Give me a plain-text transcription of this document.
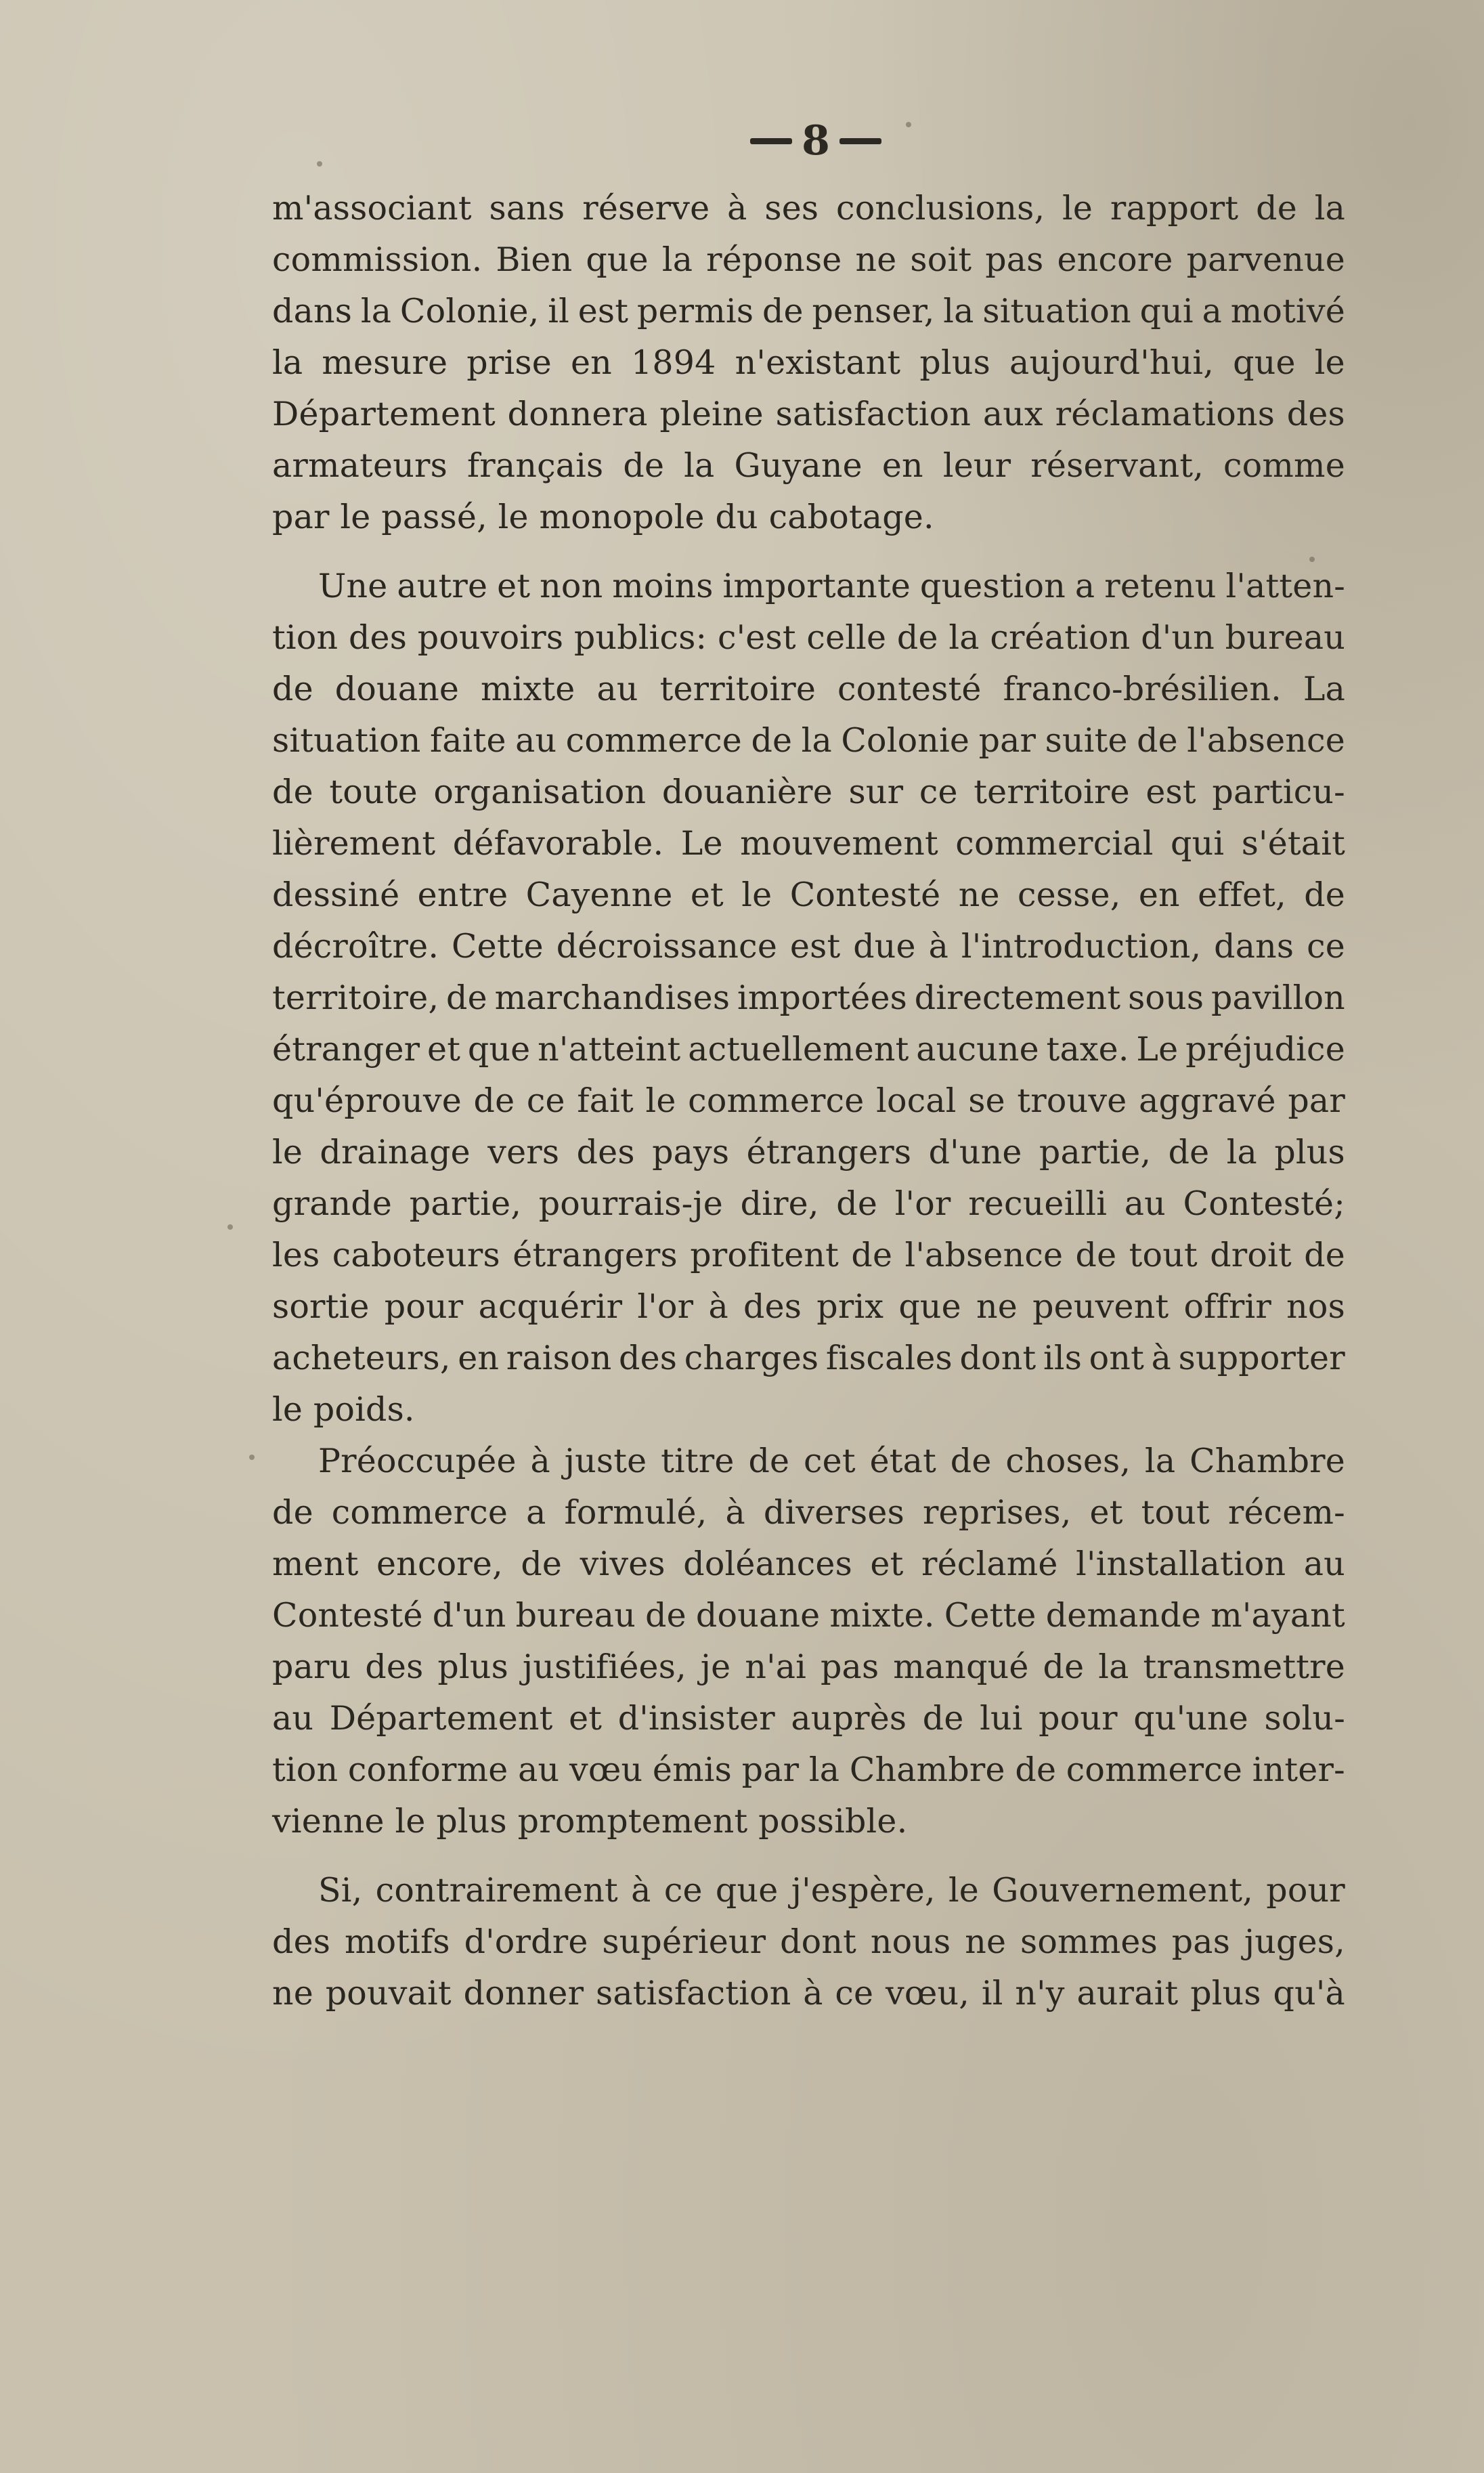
8
m'associant sans réserve à ses conclusions, le rapport de la
commission. Bien que la réponse ne soit pas encore parvenue
dans la Colonie, il est permis de penser, la situation qui a motivé
la mesure prise en 1894 n'existant plus aujourd'hui, que le
Département donnera pleine satisfaction aux réclamations des
armateurs français de la Guyane en leur réservant, comme
par le passé, le monopole du cabotage.
Une autre et non moins importante question a retenu l'atten-
tion des pouvoirs publics: c'est celle de la création d'un bureau
de douane mixte au territoire contesté franco-brésilien. La
situation faite au commerce de la Colonie par suite de l'absence
de toute organisation douanière sur ce territoire est particu-
lièrement défavorable. Le mouvement commercial qui s'était
dessiné entre Cayenne et le Contesté ne cesse, en effet, de
décroître. Cette décroissance est due à l'introduction, dans ce
territoire, de marchandises importées directement sous pavillon
étranger et que n'atteint actuellement aucune taxe. Le préjudice
qu'éprouve de ce fait le commerce local se trouve aggravé par
le drainage vers des pays étrangers d'une partie, de la plus
grande partie, pourrais-je dire, de l'or recueilli au Contesté;
les caboteurs étrangers profitent de l'absence de tout droit de
sortie pour acquérir l'or à des prix que ne peuvent offrir nos
acheteurs, en raison des charges fiscales dont ils ont à supporter
le poids.
Préoccupée à juste titre de cet état de choses, la Chambre
de commerce a formulé, à diverses reprises, et tout récem-
ment encore, de vives doléances et réclamé l'installation au
Contesté d'un bureau de douane mixte. Cette demande m'ayant
paru des plus justifiées, je n'ai pas manqué de la transmettre
au Département et d'insister auprès de lui pour qu'une solu-
tion conforme au vœu émis par la Chambre de commerce inter-
vienne le plus promptement possible.
Si, contrairement à ce que j'espère, le Gouvernement, pour
des motifs d'ordre supérieur dont nous ne sommes pas juges,
ne pouvait donner satisfaction à ce vœu, il n'y aurait plus qu'à
